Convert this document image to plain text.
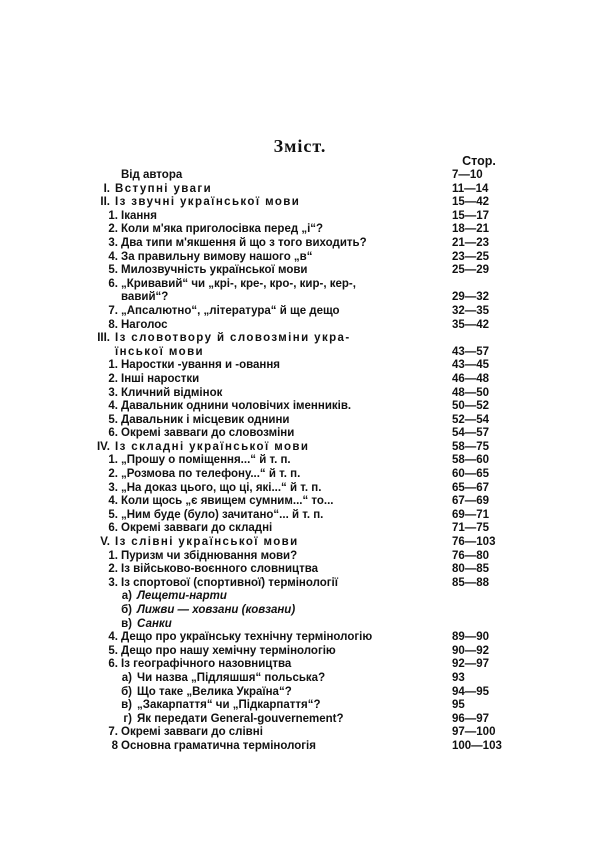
Зміст.
Стор.
Від автора	7—10
I. Вступні уваги	11—14
II. Із звучні української мови	15—42
1. Ікання	15—17
2. Коли м'яка приголосівка перед „і“?	18—21
3. Два типи м'якшення й що з того виходить?	21—23
4. За правильну вимову нашого „в“	23—25
5. Милозвучність української мови	25—29
6. „Кривавий“ чи „крі-, кре-, кро-, кир-, кер-,
вавий“?	29—32
7. „Апсалютно“, „лiтература“ й ще дещо	32—35
8. Наголос	35—42
III. Із словотвору й словозміни укра-
їнської мови	43—57
1. Наростки -ування и -овання	43—45
2. Інші наростки	46—48
3. Кличний відмінок	48—50
4. Давальник однини чоловічих іменників.	50—52
5. Давальник і місцевик однини	52—54
6. Окремі завваги до словозміни	54—57
IV. Із складні української мови	58—75
1. „Прошу о поміщення...“ й т. п.	58—60
2. „Розмова по телефону...“ й т. п.	60—65
3. „На доказ цього, що ці, які...“ й т. п.	65—67
4. Коли щось „є явищем сумним...“ то...	67—69
5. „Ним буде (було) зачитано“... й т. п.	69—71
6. Окремі завваги до складні	71—75
V. Із слівні української мови	76—103
1. Пуризм чи збіднювання мови?	76—80
2. Із військово-воєнного словництва	80—85
3. Із спортової (спортивної) термінології	85—88
a) Лещети-нарти
б) Лижви — ховзани (ковзани)
в) Санки
4. Дещо про українську технічну термінологію	89—90
5. Дещо про нашу хемічну термінологію	90—92
6. Із географічного назовництва	92—97
a) Чи назва „Підляшшя“ польська?	93
б) Що таке „Велика Україна“?	94—95
в) „Закарпаття“ чи „Підкарпаття“?	95
г) Як передати General-gouvernement?	96—97
7. Окремі завваги до слівні	97—100
8 Основна граматична термінологія	100—103
